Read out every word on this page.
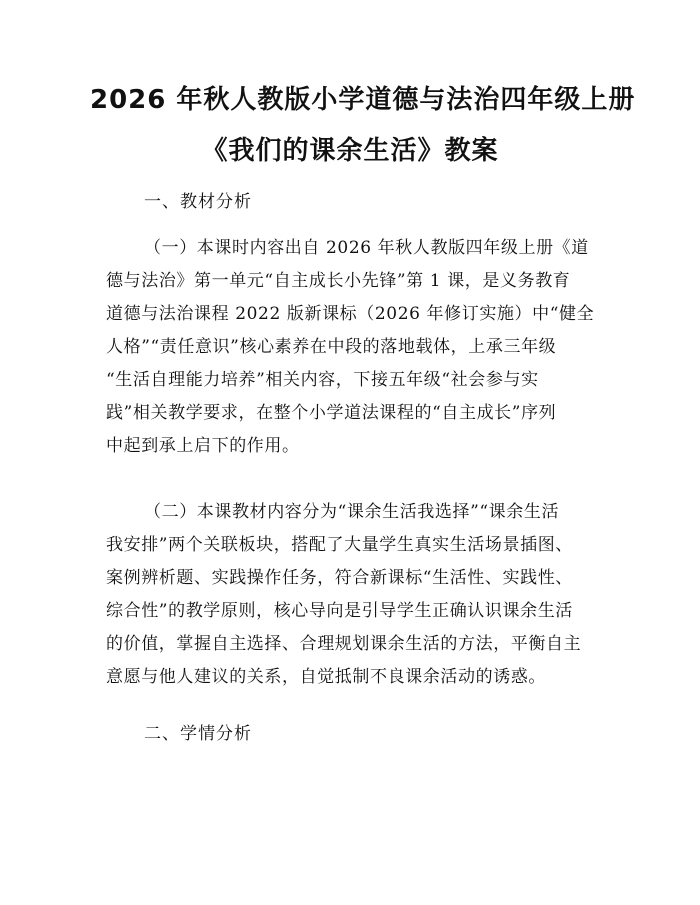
2026 年秋人教版小学道德与法治四年级上册
《我们的课余生活》教案
一、教材分析
（一）本课时内容出自 2026 年秋人教版四年级上册《道
德与法治》第一单元“自主成长小先锋”第 1 课，是义务教育
道德与法治课程 2022 版新课标（2026 年修订实施）中“健全
人格”“责任意识”核心素养在中段的落地载体，上承三年级
“生活自理能力培养”相关内容，下接五年级“社会参与实
践”相关教学要求，在整个小学道法课程的“自主成长”序列
中起到承上启下的作用。
（二）本课教材内容分为“课余生活我选择”“课余生活
我安排”两个关联板块，搭配了大量学生真实生活场景插图、
案例辨析题、实践操作任务，符合新课标“生活性、实践性、
综合性”的教学原则，核心导向是引导学生正确认识课余生活
的价值，掌握自主选择、合理规划课余生活的方法，平衡自主
意愿与他人建议的关系，自觉抵制不良课余活动的诱惑。
二、学情分析
